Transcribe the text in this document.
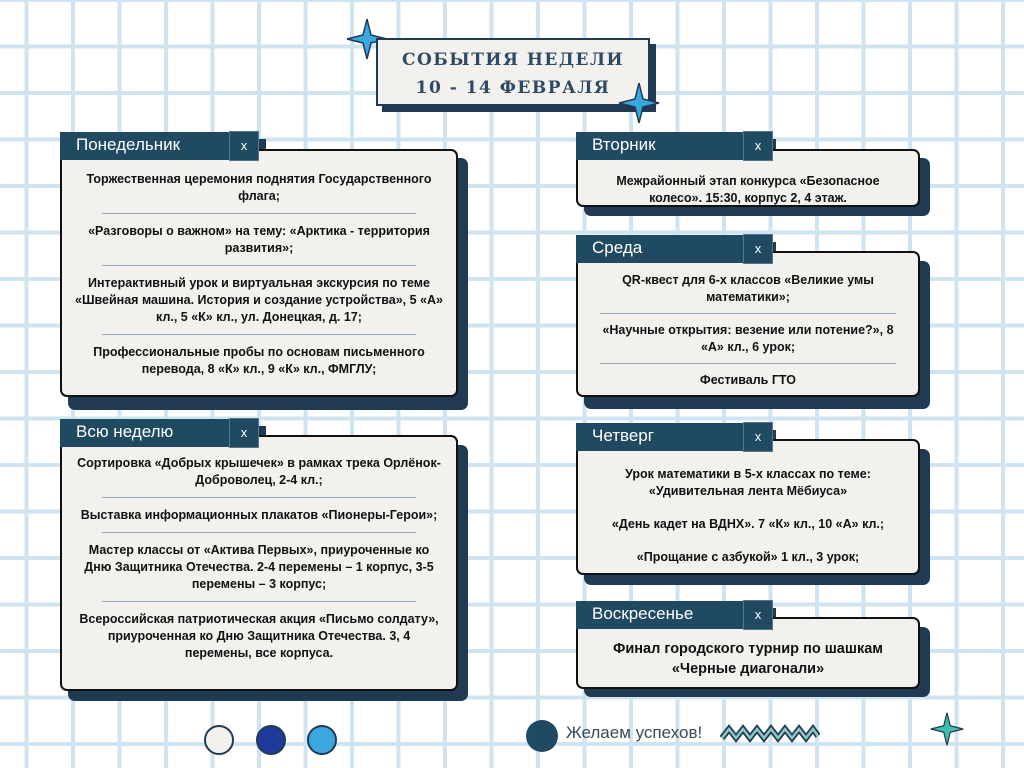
СОБЫТИЯ НЕДЕЛИ
10 - 14 ФЕВРАЛЯ
Понедельник	x
Торжественная церемония поднятия Государственного флага;
«Разговоры о важном» на тему: «Арктика - территория развития»;
Интерактивный урок и виртуальная экскурсия по теме «Швейная машина. История и создание устройства», 5 «А» кл., 5 «К» кл., ул. Донецкая, д. 17;
Профессиональные пробы по основам письменного перевода, 8 «К» кл., 9 «К» кл., ФМГЛУ;
Всю неделю	x
Сортировка «Добрых крышечек» в рамках трека Орлёнок-Доброволец, 2-4 кл.;
Выставка информационных плакатов «Пионеры-Герои»;
Мастер классы от «Актива Первых», приуроченные ко Дню Защитника Отечества. 2-4 перемены – 1 корпус, 3-5 перемены – 3 корпус;
Всероссийская патриотическая акция «Письмо солдату», приуроченная ко Дню Защитника Отечества. 3, 4 перемены, все корпуса.
Вторник	x
Межрайонный этап конкурса «Безопасное колесо». 15:30, корпус 2, 4 этаж.
Среда	x
QR-квест для 6-х классов «Великие умы математики»;
«Научные открытия: везение или потение?», 8 «А» кл., 6 урок;
Фестиваль ГТО
Четверг	x
Урок математики в 5-х классах по теме: «Удивительная лента Мёбиуса»
«День кадет на ВДНХ». 7 «К» кл., 10 «А» кл.;
«Прощание с азбукой» 1 кл., 3 урок;
Воскресенье	x
Финал городского турнир по шашкам «Черные диагонали»
Желаем успехов!
